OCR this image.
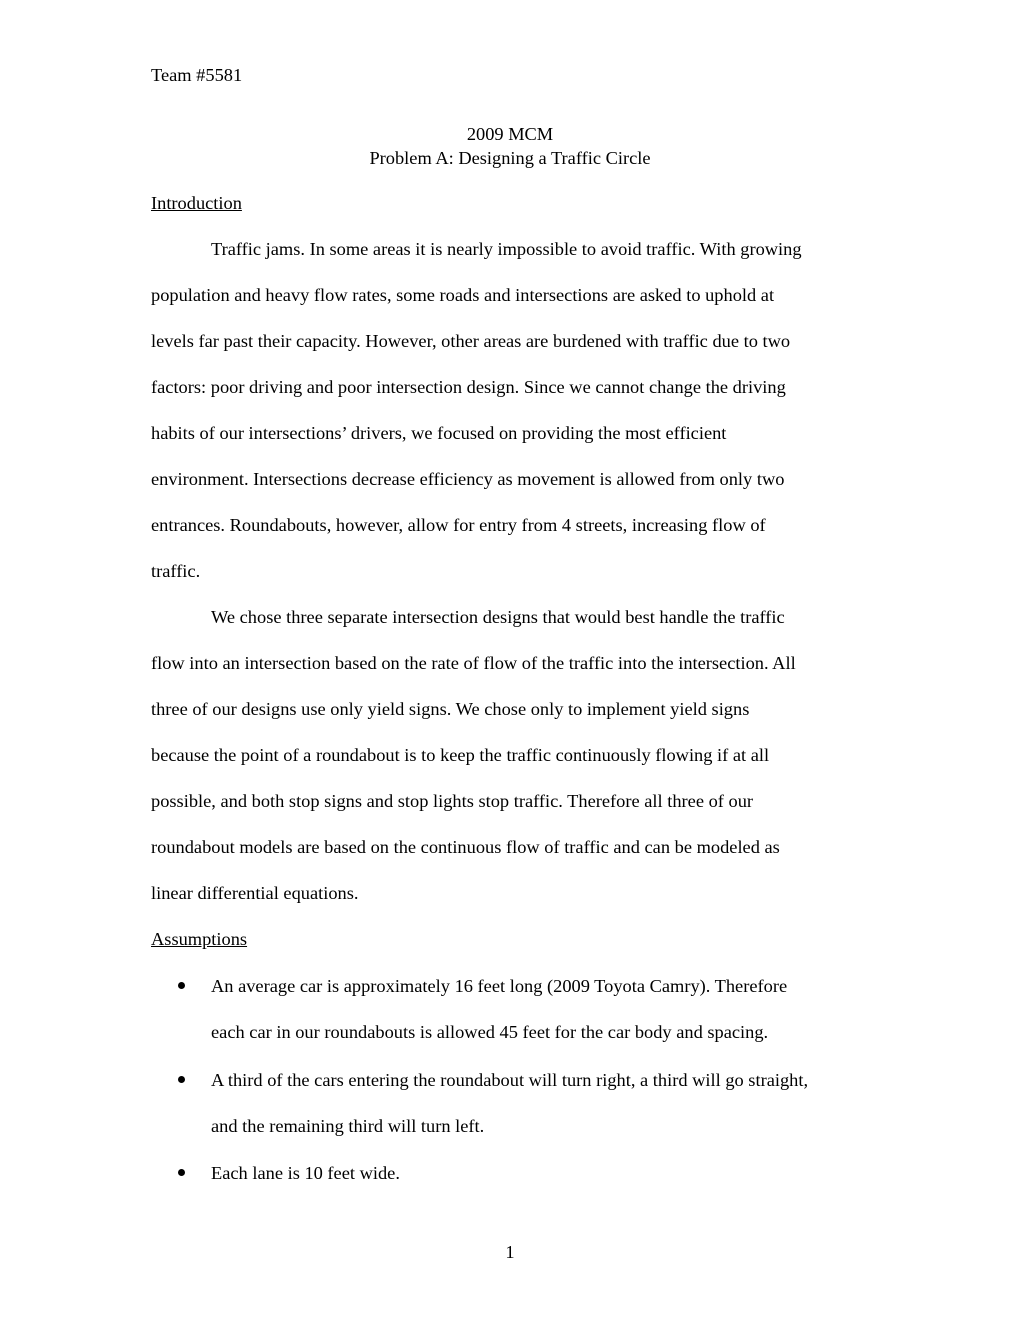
Team #5581
2009 MCM
Problem A: Designing a Traffic Circle
Introduction
Traffic jams. In some areas it is nearly impossible to avoid traffic. With growing
population and heavy flow rates, some roads and intersections are asked to uphold at
levels far past their capacity. However, other areas are burdened with traffic due to two
factors: poor driving and poor intersection design. Since we cannot change the driving
habits of our intersections’ drivers, we focused on providing the most efficient
environment. Intersections decrease efficiency as movement is allowed from only two
entrances. Roundabouts, however, allow for entry from 4 streets, increasing flow of
traffic.
We chose three separate intersection designs that would best handle the traffic
flow into an intersection based on the rate of flow of the traffic into the intersection. All
three of our designs use only yield signs. We chose only to implement yield signs
because the point of a roundabout is to keep the traffic continuously flowing if at all
possible, and both stop signs and stop lights stop traffic. Therefore all three of our
roundabout models are based on the continuous flow of traffic and can be modeled as
linear differential equations.
Assumptions
An average car is approximately 16 feet long (2009 Toyota Camry). Therefore
each car in our roundabouts is allowed 45 feet for the car body and spacing.
A third of the cars entering the roundabout will turn right, a third will go straight,
and the remaining third will turn left.
Each lane is 10 feet wide.
1
